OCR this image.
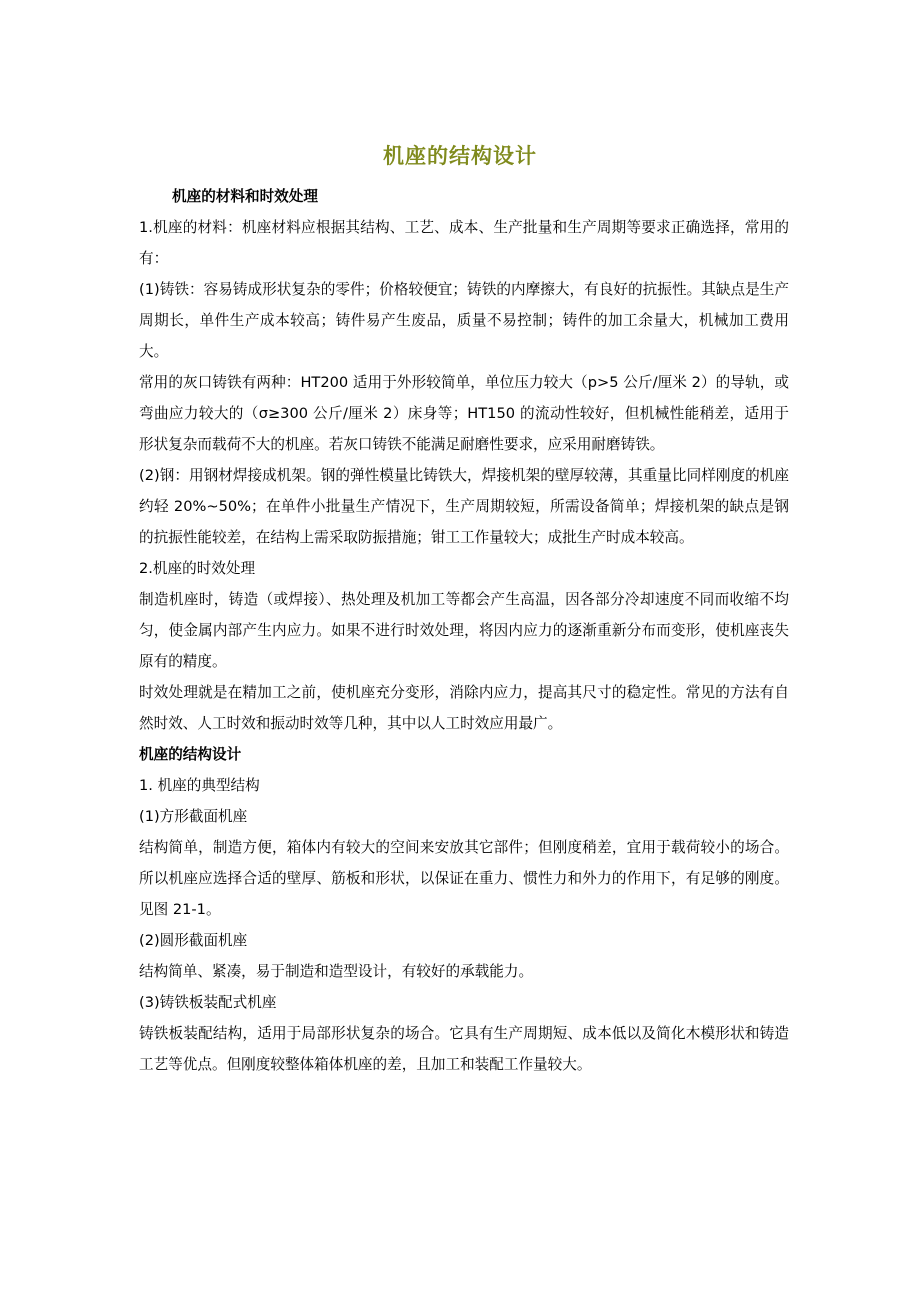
机座的结构设计

机座的材料和时效处理

1.机座的材料：机座材料应根据其结构、工艺、成本、生产批量和生产周期等要求正确选择，常用的有：

(1)铸铁：容易铸成形状复杂的零件；价格较便宜；铸铁的内摩擦大，有良好的抗振性。其缺点是生产周期长，单件生产成本较高；铸件易产生废品，质量不易控制；铸件的加工余量大，机械加工费用大。

常用的灰口铸铁有两种：HT200 适用于外形较简单，单位压力较大（p>5 公斤/厘米 2）的导轨，或弯曲应力较大的（σ≥300 公斤/厘米 2）床身等；HT150 的流动性较好，但机械性能稍差，适用于形状复杂而载荷不大的机座。若灰口铸铁不能满足耐磨性要求，应采用耐磨铸铁。

(2)钢：用钢材焊接成机架。钢的弹性模量比铸铁大，焊接机架的壁厚较薄，其重量比同样刚度的机座约轻 20%~50%；在单件小批量生产情况下，生产周期较短，所需设备简单；焊接机架的缺点是钢的抗振性能较差，在结构上需采取防振措施；钳工工作量较大；成批生产时成本较高。

2.机座的时效处理

制造机座时，铸造（或焊接）、热处理及机加工等都会产生高温，因各部分冷却速度不同而收缩不均匀，使金属内部产生内应力。如果不进行时效处理，将因内应力的逐渐重新分布而变形，使机座丧失原有的精度。

时效处理就是在精加工之前，使机座充分变形，消除内应力，提高其尺寸的稳定性。常见的方法有自然时效、人工时效和振动时效等几种，其中以人工时效应用最广。

机座的结构设计

1. 机座的典型结构

(1)方形截面机座

结构简单，制造方便，箱体内有较大的空间来安放其它部件；但刚度稍差，宜用于载荷较小的场合。所以机座应选择合适的壁厚、筋板和形状，以保证在重力、惯性力和外力的作用下，有足够的刚度。见图 21-1。

(2)圆形截面机座

结构简单、紧凑，易于制造和造型设计，有较好的承载能力。

(3)铸铁板装配式机座

铸铁板装配结构，适用于局部形状复杂的场合。它具有生产周期短、成本低以及简化木模形状和铸造工艺等优点。但刚度较整体箱体机座的差，且加工和装配工作量较大。
